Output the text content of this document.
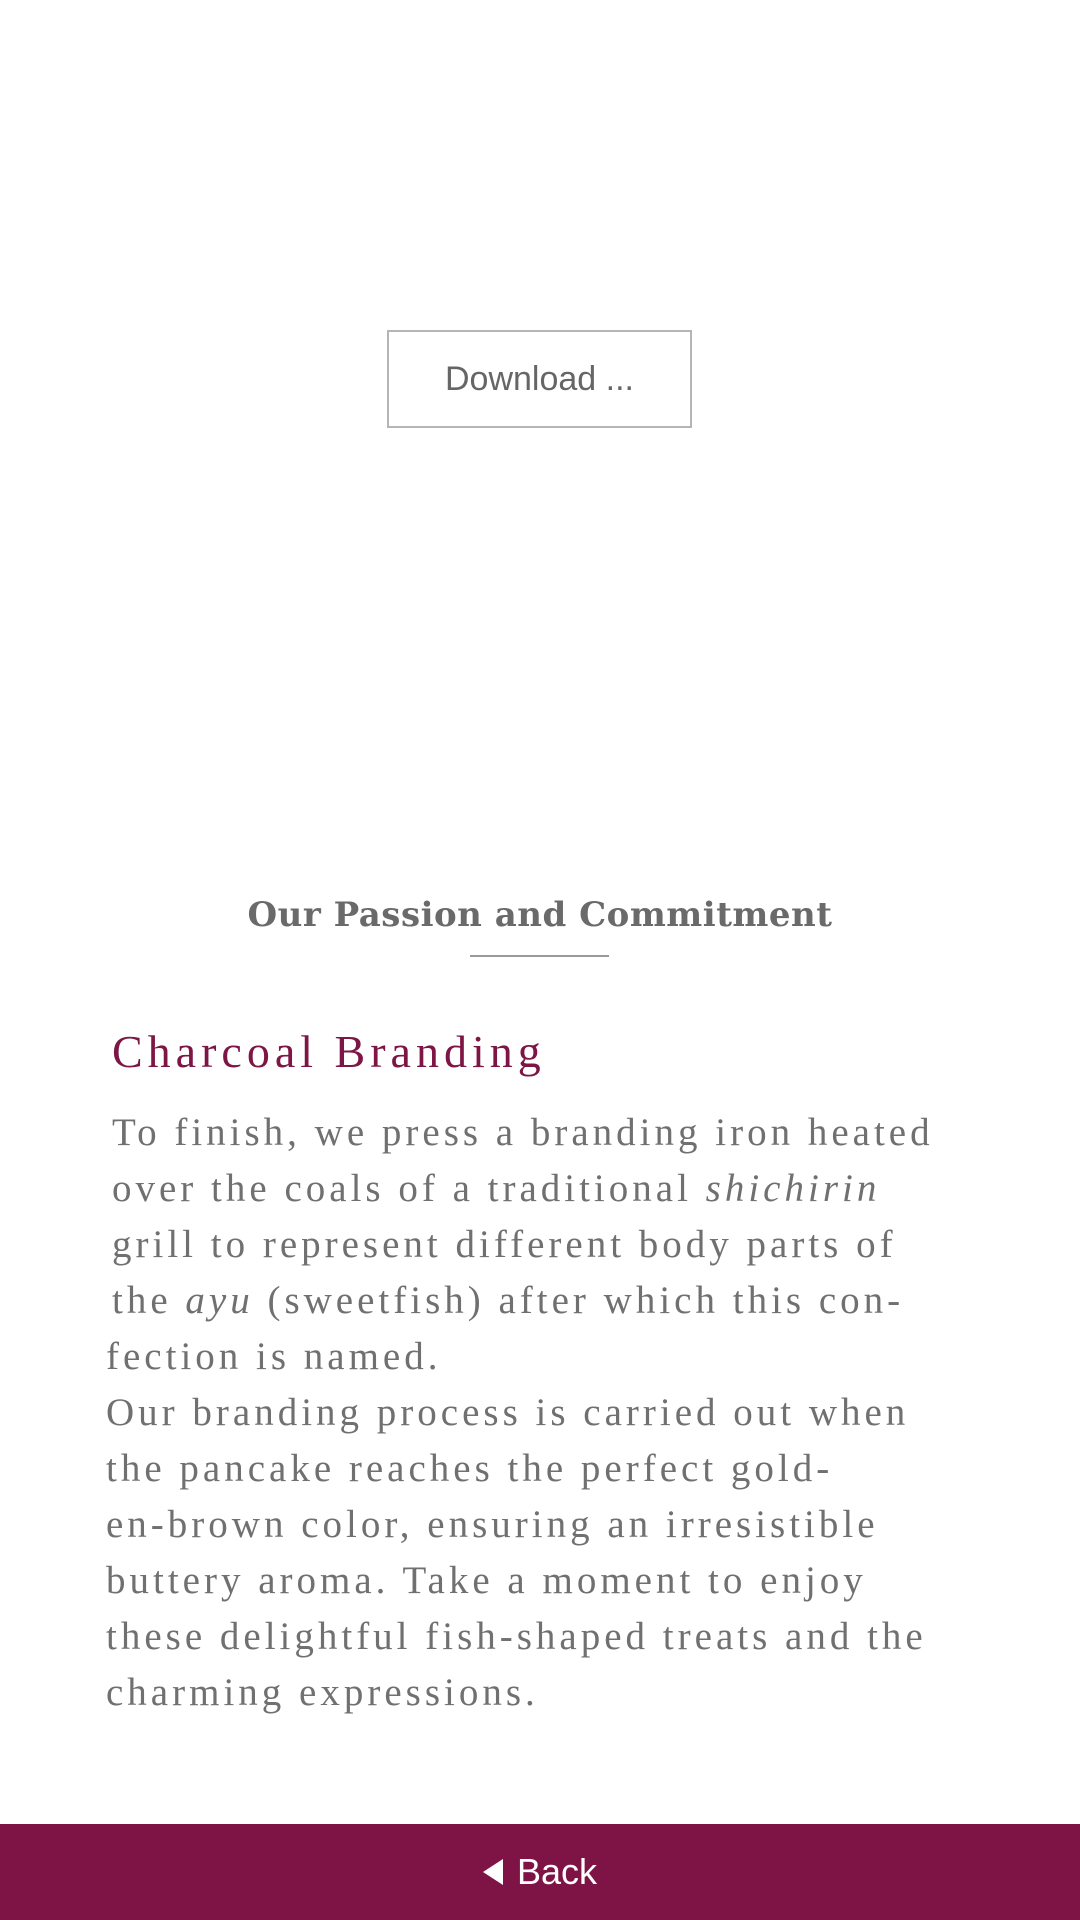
Download ...
Our Passion and Commitment
Charcoal Branding
To finish, we press a branding iron heated
over the coals of a traditional shichirin
grill to represent different body parts of
the ayu (sweetfish) after which this con-
fection is named.
Our branding process is carried out when
the pancake reaches the perfect gold-
en-brown color, ensuring an irresistible
buttery aroma. Take a moment to enjoy
these delightful fish-shaped treats and the
charming expressions.
Back
